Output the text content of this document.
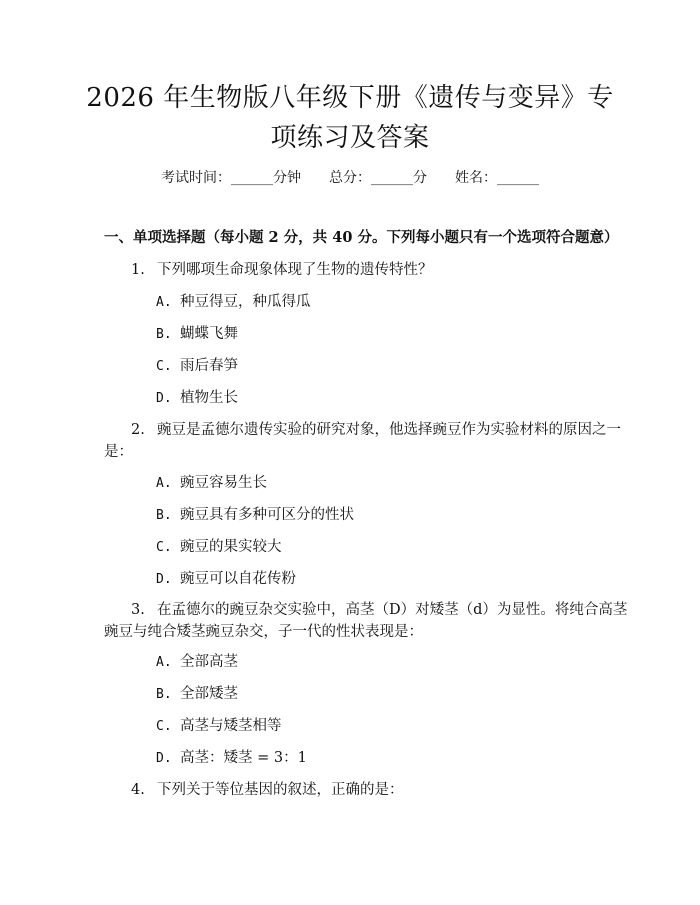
2026 年生物版八年级下册《遗传与变异》专
项练习及答案
考试时间：______分钟 总分：______分 姓名：______
一、单项选择题（每小题 2 分，共 40 分。下列每小题只有一个选项符合题意）
1. 下列哪项生命现象体现了生物的遗传特性？
A. 种豆得豆，种瓜得瓜
B. 蝴蝶飞舞
C. 雨后春笋
D. 植物生长
2. 豌豆是孟德尔遗传实验的研究对象，他选择豌豆作为实验材料的原因之一
是：
A. 豌豆容易生长
B. 豌豆具有多种可区分的性状
C. 豌豆的果实较大
D. 豌豆可以自花传粉
3. 在孟德尔的豌豆杂交实验中，高茎（D）对矮茎（d）为显性。将纯合高茎
豌豆与纯合矮茎豌豆杂交，子一代的性状表现是：
A. 全部高茎
B. 全部矮茎
C. 高茎与矮茎相等
D. 高茎：矮茎 = 3：1
4. 下列关于等位基因的叙述，正确的是：
